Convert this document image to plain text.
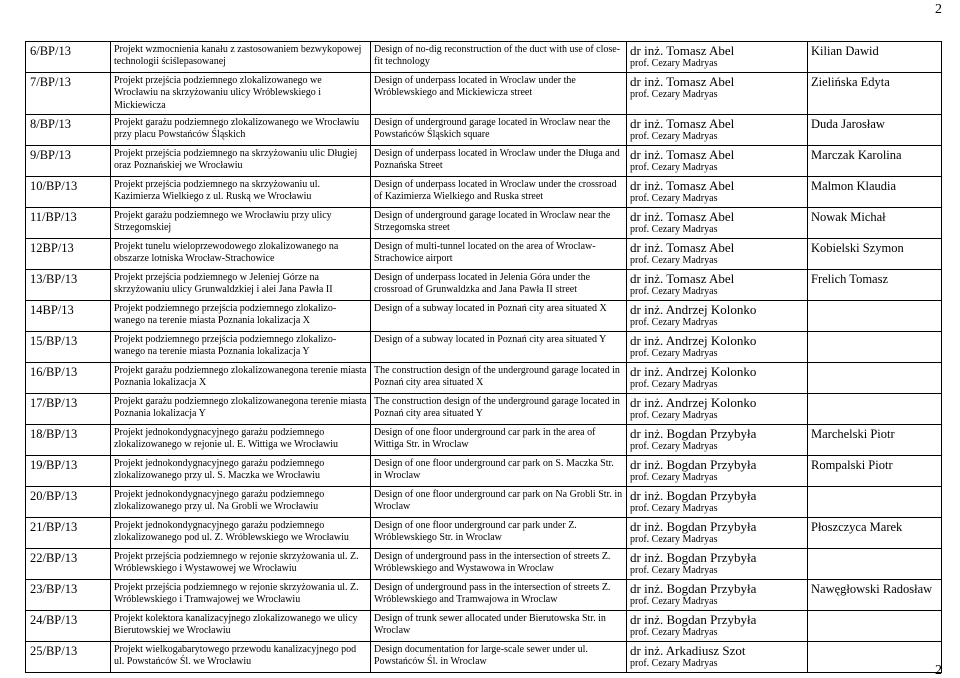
2
6/BP/13	Projekt wzmocnienia kanału z zastosowaniem bezwykopowej technologii ściślepasowanej	Design of no-dig reconstruction of the duct with use of close-fit technology	dr inż. Tomasz Abel
prof. Cezary Madryas	Kilian Dawid
7/BP/13	Projekt przejścia podziemnego zlokalizowanego we Wrocławiu na skrzyżowaniu ulicy Wróblewskiego i Mickiewicza	Design of underpass located in Wroclaw under the Wróblewskiego and Mickiewicza street	dr inż. Tomasz Abel
prof. Cezary Madryas	Zielińska Edyta
8/BP/13	Projekt garażu podziemnego zlokalizowanego we Wrocławiu przy placu Powstańców Śląskich	Design of underground garage located in Wroclaw near the Powstańców Śląskich square	dr inż. Tomasz Abel
prof. Cezary Madryas	Duda Jarosław
9/BP/13	Projekt przejścia podziemnego na skrzyżowaniu ulic Długiej oraz Poznańskiej we Wrocławiu	Design of underpass located in Wroclaw under the Długa and Poznańska Street	dr inż. Tomasz Abel
prof. Cezary Madryas	Marczak Karolina
10/BP/13	Projekt przejścia podziemnego na skrzyżowaniu ul. Kazimierza Wielkiego z ul. Ruską we Wrocławiu	Design of underpass located in Wroclaw under the crossroad of Kazimierza Wielkiego and Ruska street	dr inż. Tomasz Abel
prof. Cezary Madryas	Malmon Klaudia
11/BP/13	Projekt garażu podziemnego we Wrocławiu przy ulicy Strzegomskiej	Design of underground garage located in Wroclaw near the Strzegomska street	dr inż. Tomasz Abel
prof. Cezary Madryas	Nowak Michał
12BP/13	Projekt tunelu wieloprzewodowego zlokalizowanego na obszarze lotniska Wrocław-Strachowice	Design of multi-tunnel located on the area of Wroclaw-Strachowice airport	dr inż. Tomasz Abel
prof. Cezary Madryas	Kobielski Szymon
13/BP/13	Projekt przejścia podziemnego w Jeleniej Górze na skrzyżowaniu ulicy Grunwaldzkiej i alei Jana Pawła II	Design of underpass located in Jelenia Góra under the crossroad of Grunwaldzka and Jana Pawła II street	dr inż. Tomasz Abel
prof. Cezary Madryas	Frelich Tomasz
14BP/13	Projekt podziemnego przejścia podziemnego zlokalizo-wanego na terenie miasta Poznania lokalizacja X	Design of a subway located in Poznań city area situated X	dr inż. Andrzej Kolonko
prof. Cezary Madryas	

15/BP/13	Projekt podziemnego przejścia podziemnego zlokalizo-wanego na terenie miasta Poznania lokalizacja Y	Design of a subway located in Poznań city area situated Y	dr inż. Andrzej Kolonko
prof. Cezary Madryas	

16/BP/13	Projekt garażu podziemnego zlokalizowanegona terenie miasta Poznania lokalizacja X	The construction design of the underground garage located in Poznań city area situated X	dr inż. Andrzej Kolonko
prof. Cezary Madryas	

17/BP/13	Projekt garażu podziemnego zlokalizowanegona terenie miasta Poznania lokalizacja Y	The construction design of the underground garage located in Poznań city area situated Y	dr inż. Andrzej Kolonko
prof. Cezary Madryas	

18/BP/13	Projekt jednokondygnacyjnego garażu podziemnego zlokalizowanego w rejonie ul. E. Wittiga we Wrocławiu	Design of one floor underground car park in the area of Wittiga Str. in Wroclaw	dr inż. Bogdan Przybyła
prof. Cezary Madryas	Marchelski Piotr
19/BP/13	Projekt jednokondygnacyjnego garażu podziemnego zlokalizowanego przy ul. S. Maczka we Wrocławiu	Design of one floor underground car park on S. Maczka Str. in Wroclaw	dr inż. Bogdan Przybyła
prof. Cezary Madryas	Rompalski Piotr
20/BP/13	Projekt jednokondygnacyjnego garażu podziemnego zlokalizowanego przy ul. Na Grobli we Wrocławiu	Design of one floor underground car park on Na Grobli Str. in Wroclaw	dr inż. Bogdan Przybyła
prof. Cezary Madryas	

21/BP/13	Projekt jednokondygnacyjnego garażu podziemnego zlokalizowanego pod ul. Z. Wróblewskiego we Wrocławiu	Design of one floor underground car park under Z. Wróblewskiego Str. in Wroclaw	dr inż. Bogdan Przybyła
prof. Cezary Madryas	Płoszczyca Marek
22/BP/13	Projekt przejścia podziemnego w rejonie skrzyżowania ul. Z. Wróblewskiego i Wystawowej we Wrocławiu	Design of underground pass in the intersection of streets Z. Wróblewskiego and Wystawowa in Wroclaw	dr inż. Bogdan Przybyła
prof. Cezary Madryas	

23/BP/13	Projekt przejścia podziemnego w rejonie skrzyżowania ul. Z. Wróblewskiego i Tramwajowej we Wrocławiu	Design of underground pass in the intersection of streets Z. Wróblewskiego and Tramwajowa in Wroclaw	dr inż. Bogdan Przybyła
prof. Cezary Madryas	Nawęgłowski Radosław
24/BP/13	Projekt kolektora kanalizacyjnego zlokalizowanego we ulicy Bierutowskiej we Wrocławiu	Design of trunk sewer allocated under Bierutowska Str. in Wroclaw	dr inż. Bogdan Przybyła
prof. Cezary Madryas	

25/BP/13	Projekt wielkogabarytowego przewodu kanalizacyjnego pod ul. Powstańców Śl. we Wrocławiu	Design documentation for large-scale sewer under ul. Powstańców Śl. in Wroclaw	dr inż. Arkadiusz Szot
prof. Cezary Madryas	
		2
